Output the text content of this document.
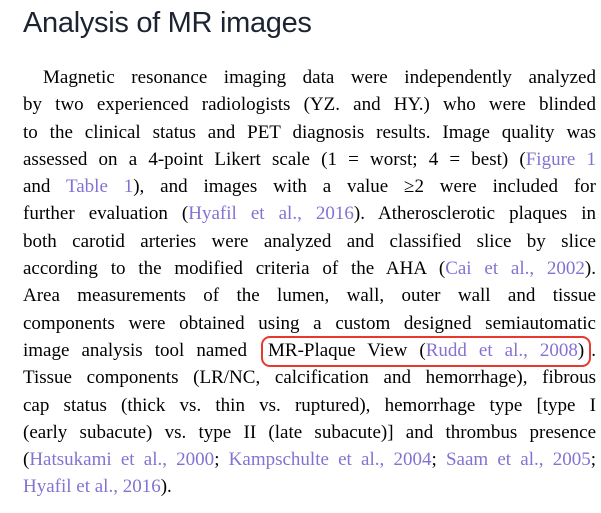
Analysis of MR images
Magnetic resonance imaging data were independently analyzed
by two experienced radiologists (YZ. and HY.) who were blinded
to the clinical status and PET diagnosis results. Image quality was
assessed on a 4-point Likert scale (1 = worst; 4 = best) (Figure 1
and Table 1), and images with a value ≥2 were included for
further evaluation (Hyafil et al., 2016). Atherosclerotic plaques in
both carotid arteries were analyzed and classified slice by slice
according to the modified criteria of the AHA (Cai et al., 2002).
Area measurements of the lumen, wall, outer wall and tissue
components were obtained using a custom designed semiautomatic
image analysis tool named MR-Plaque View (Rudd et al., 2008) .
Tissue components (LR/NC, calcification and hemorrhage), fibrous
cap status (thick vs. thin vs. ruptured), hemorrhage type [type I
(early subacute) vs. type II (late subacute)] and thrombus presence
(Hatsukami et al., 2000; Kampschulte et al., 2004; Saam et al., 2005;
Hyafil et al., 2016).
